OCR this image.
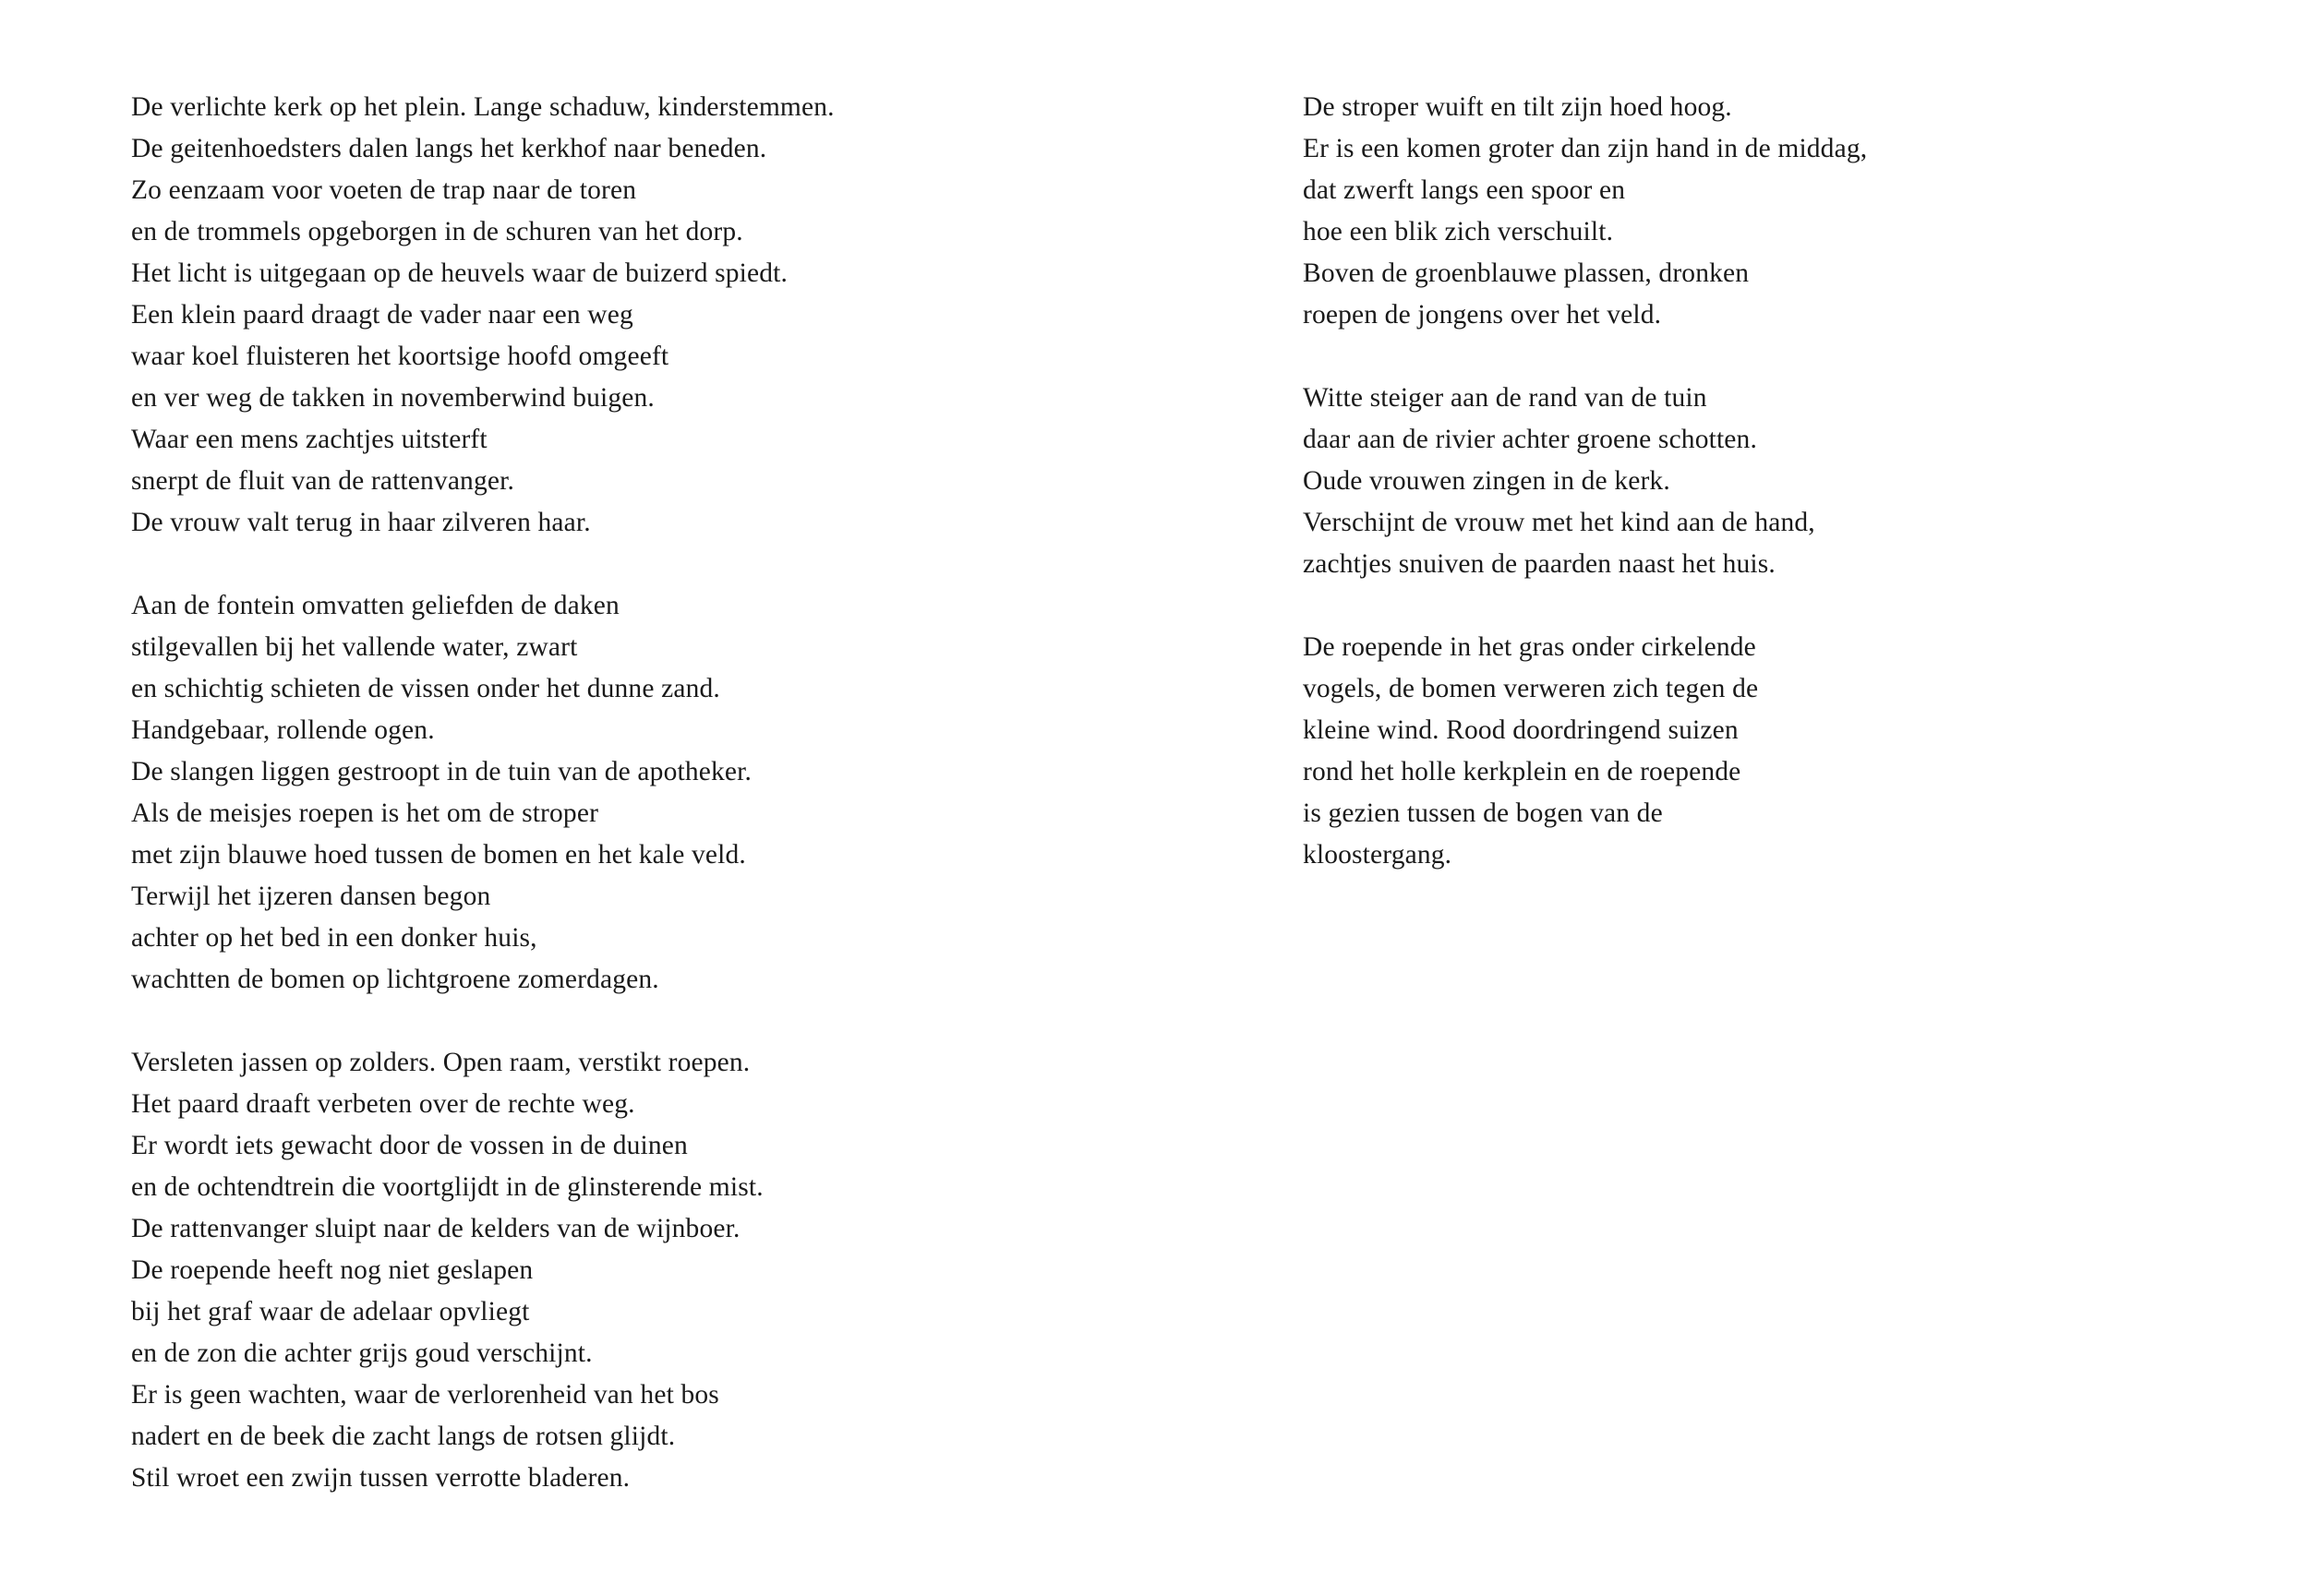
De verlichte kerk op het plein. Lange schaduw, kinderstemmen.
De geitenhoedsters dalen langs het kerkhof naar beneden.
Zo eenzaam voor voeten de trap naar de toren
en de trommels opgeborgen in de schuren van het dorp.
Het licht is uitgegaan op de heuvels waar de buizerd spiedt.
Een klein paard draagt de vader naar een weg
waar koel fluisteren het koortsige hoofd omgeeft
en ver weg de takken in novemberwind buigen.
Waar een mens zachtjes uitsterft
snerpt de fluit van de rattenvanger.
De vrouw valt terug in haar zilveren haar.
Aan de fontein omvatten geliefden de daken
stilgevallen bij het vallende water, zwart
en schichtig schieten de vissen onder het dunne zand.
Handgebaar, rollende ogen.
De slangen liggen gestroopt in de tuin van de apotheker.
Als de meisjes roepen is het om de stroper
met zijn blauwe hoed tussen de bomen en het kale veld.
Terwijl het ijzeren dansen begon
achter op het bed in een donker huis,
wachtten de bomen op lichtgroene zomerdagen.
Versleten jassen op zolders. Open raam, verstikt roepen.
Het paard draaft verbeten over de rechte weg.
Er wordt iets gewacht door de vossen in de duinen
en de ochtendtrein die voortglijdt in de glinsterende mist.
De rattenvanger sluipt naar de kelders van de wijnboer.
De roepende heeft nog niet geslapen
bij het graf waar de adelaar opvliegt
en de zon die achter grijs goud verschijnt.
Er is geen wachten, waar de verlorenheid van het bos
nadert en de beek die zacht langs de rotsen glijdt.
Stil wroet een zwijn tussen verrotte bladeren.
De stroper wuift en tilt zijn hoed hoog.
Er is een komen groter dan zijn hand in de middag,
dat zwerft langs een spoor en
hoe een blik zich verschuilt.
Boven de groenblauwe plassen, dronken
roepen de jongens over het veld.
Witte steiger aan de rand van de tuin
daar aan de rivier achter groene schotten.
Oude vrouwen zingen in de kerk.
Verschijnt de vrouw met het kind aan de hand,
zachtjes snuiven de paarden naast het huis.
De roepende in het gras onder cirkelende
vogels, de bomen verweren zich tegen de
kleine wind. Rood doordringend suizen
rond het holle kerkplein en de roepende
is gezien tussen de bogen van de
kloostergang.
